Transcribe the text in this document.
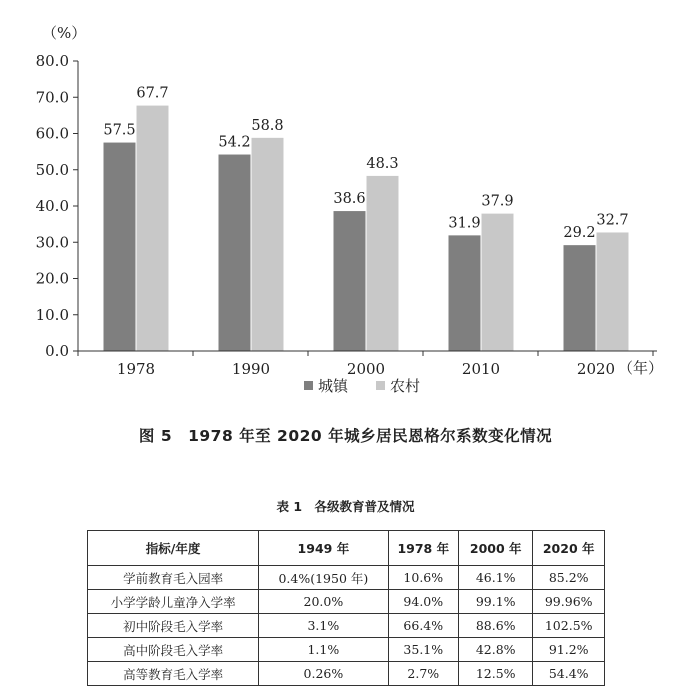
（%）
0.0
10.0
20.0
30.0
40.0
50.0
60.0
70.0
80.0
57.5
67.7
54.2
58.8
38.6
48.3
31.9
37.9
29.2
32.7
1978	1990	2000	2010	2020 （年）
城镇	农村
图 5　1978 年至 2020 年城乡居民恩格尔系数变化情况
表 1　各级教育普及情况
指标/年度	1949 年	1978 年	2000 年	2020 年
学前教育毛入园率	0.4%(1950 年)	10.6%	46.1%	85.2%
小学学龄儿童净入学率	20.0%	94.0%	99.1%	99.96%
初中阶段毛入学率	3.1%	66.4%	88.6%	102.5%
高中阶段毛入学率	1.1%	35.1%	42.8%	91.2%
高等教育毛入学率	0.26%	2.7%	12.5%	54.4%
